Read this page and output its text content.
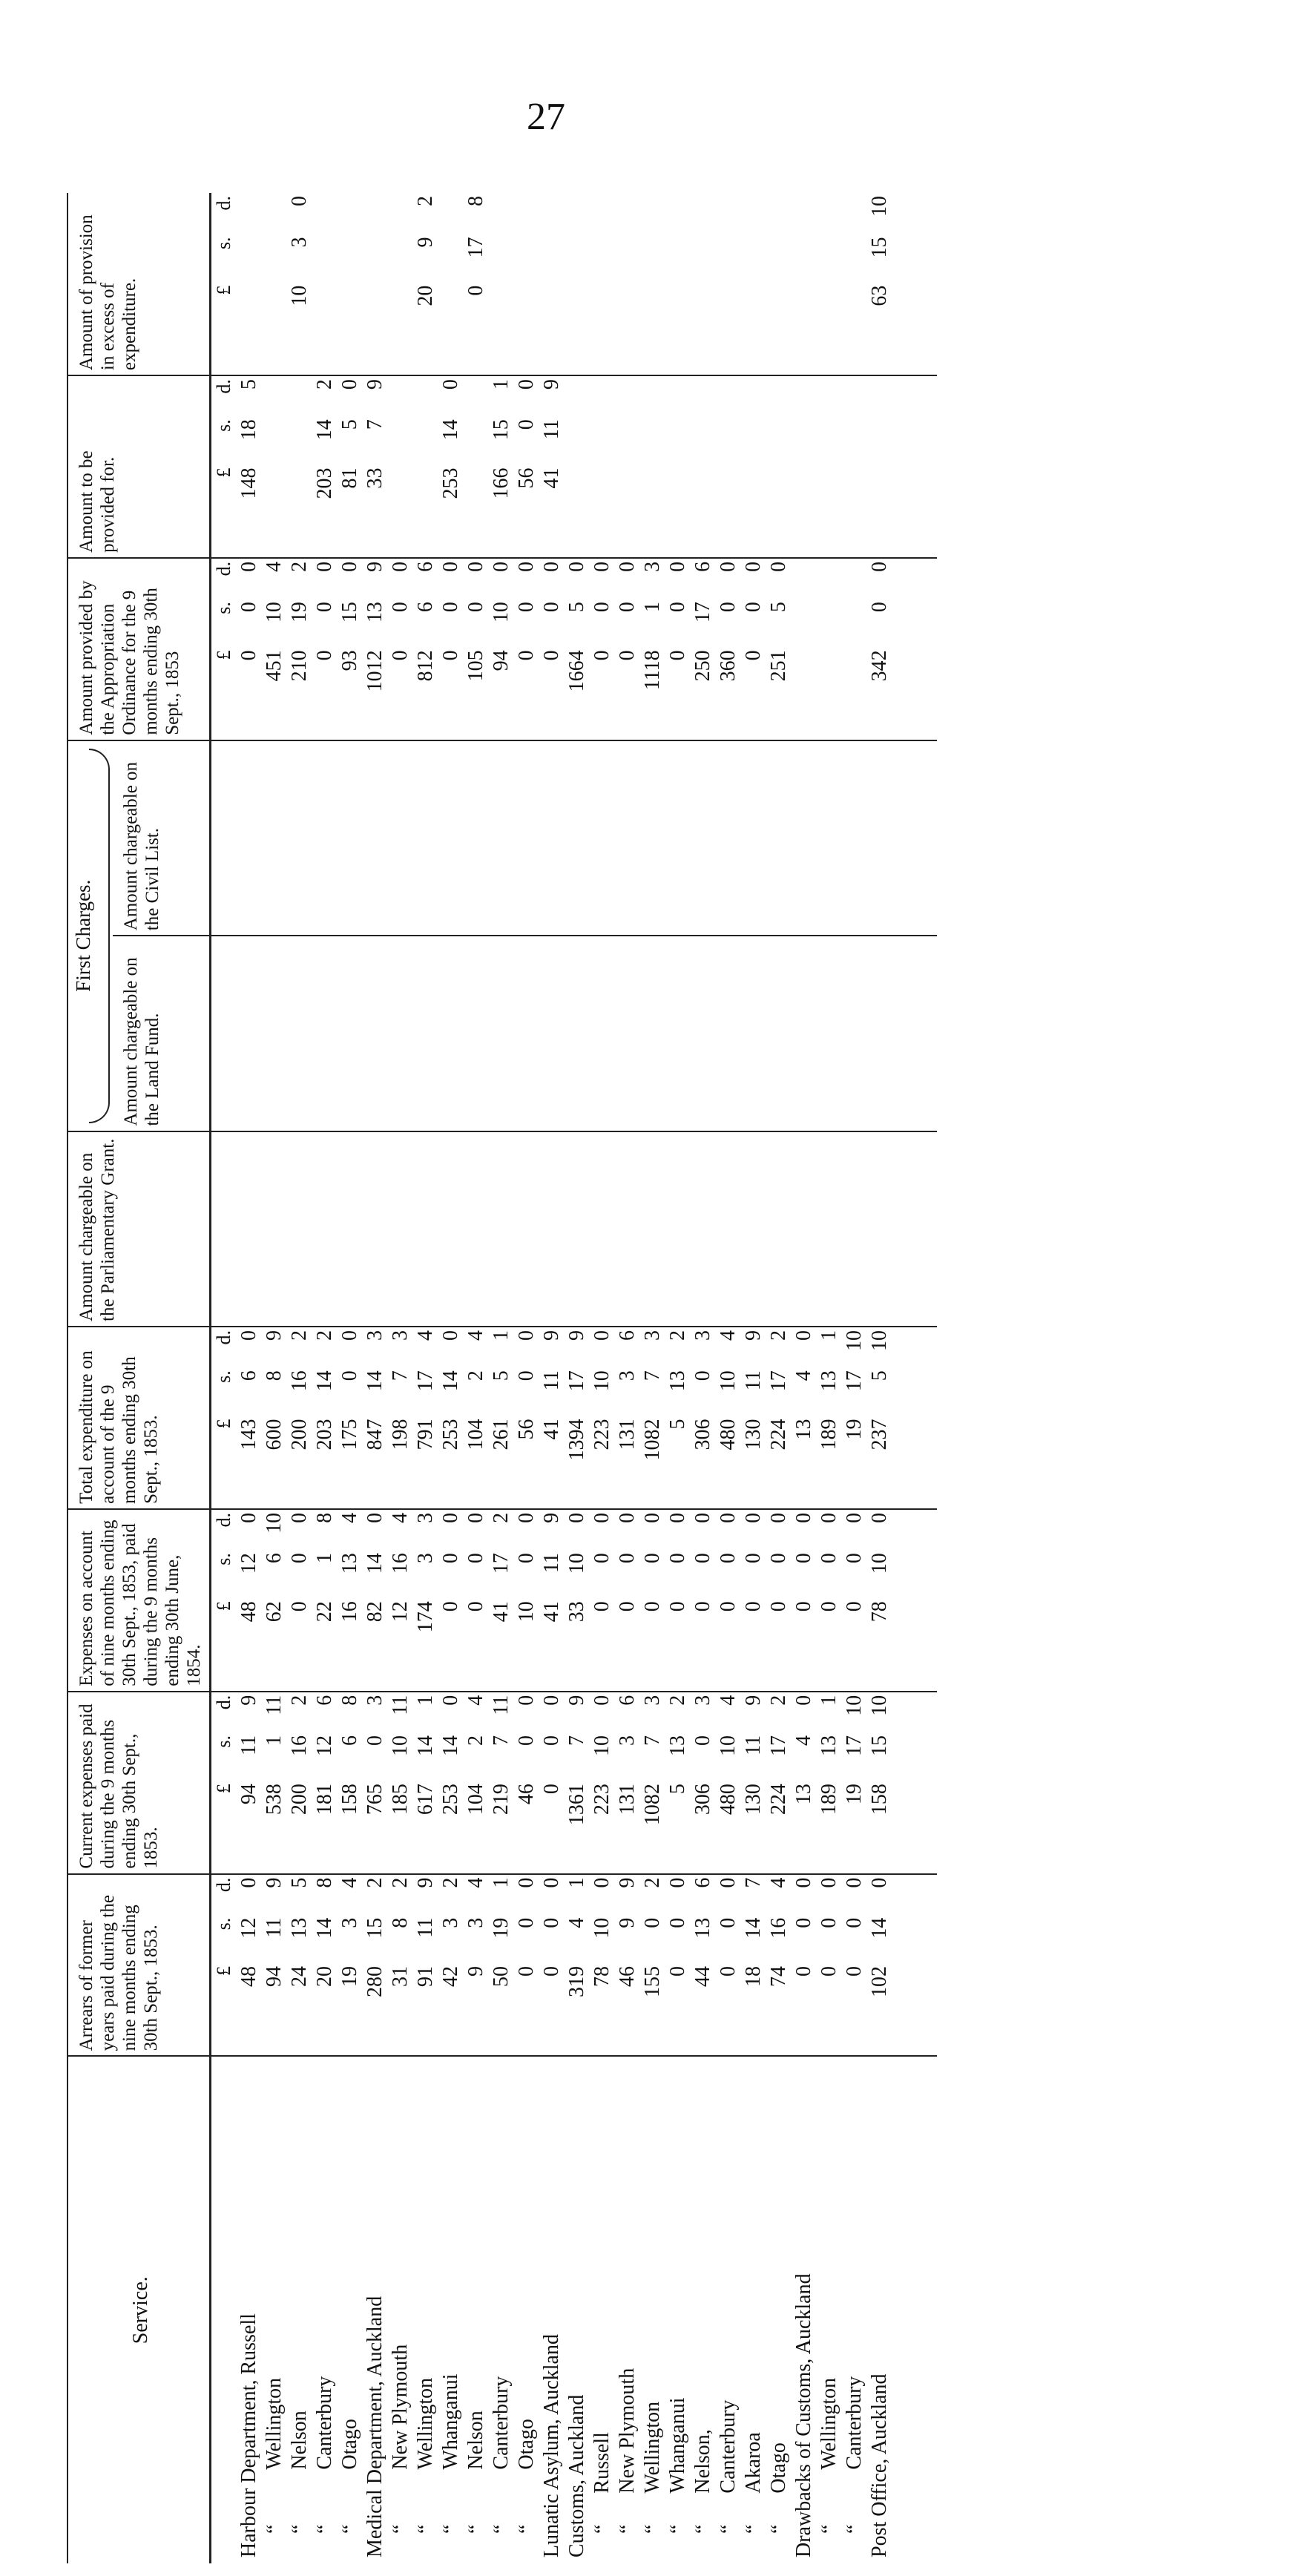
27
Service.		Arrears of former years paid during the nine months ending 30th Sept., 1853.			Current expenses paid during the 9 months ending 30th Sept., 1853.			Expenses on account of nine months ending 30th Sept., 1853, paid during the 9 months ending 30th June, 1854.			Total expenditure on account of the 9 months ending 30th Sept., 1853.			Amount chargeable on the Parliamentary Grant.	First Charges.		Amount provided by the Appropriation Ordinance for the 9 months ending 30th Sept., 1853			Amount to be provided for.			Amount of provision in excess of expenditure.		
															Amount chargeable on the Land Fund.	Amount chargeable on the Civil List.									
		£	s.	d.	£	s.	d.	£	s.	d.	£	s.	d.				£	s.	d.	£	s.	d.	£	s.	d.
Harbour Department, Russell		48	12	0	94	11	9	48	12	0	143	6	0				0	0	0	148	18	5			
“	Wellington	94	11	9	538	1	11	62	6	10	600	8	9				451	10	4						
“	Nelson	24	13	5	200	16	2	0	0	0	200	16	2				210	19	2				10	3	0
“	Canterbury	20	14	8	181	12	6	22	1	8	203	14	2				0	0	0	203	14	2			
“	Otago	19	3	4	158	6	8	16	13	4	175	0	0				93	15	0	81	5	0			
Medical Department, Auckland		280	15	2	765	0	3	82	14	0	847	14	3				1012	13	9	33	7	9			
“	New Plymouth	31	8	2	185	10	11	12	16	4	198	7	3				0	0	0						
“	Wellington	91	11	9	617	14	1	174	3	3	791	17	4				812	6	6				20	9	2
“	Whanganui	42	3	2	253	14	0	0	0	0	253	14	0				0	0	0	253	14	0			
“	Nelson	9	3	4	104	2	4	0	0	0	104	2	4				105	0	0				0	17	8
“	Canterbury	50	19	1	219	7	11	41	17	2	261	5	1				94	10	0	166	15	1			
“	Otago	0	0	0	46	0	0	10	0	0	56	0	0				0	0	0	56	0	0			
Lunatic Asylum, Auckland		0	0	0	0	0	0	41	11	9	41	11	9				0	0	0	41	11	9			
Customs, Auckland		319	4	1	1361	7	9	33	10	0	1394	17	9				1664	5	0						
“	Russell	78	10	0	223	10	0	0	0	0	223	10	0				0	0	0						
“	New Plymouth	46	9	9	131	3	6	0	0	0	131	3	6				0	0	0						
“	Wellington	155	0	2	1082	7	3	0	0	0	1082	7	3				1118	1	3						
“	Whanganui	0	0	0	5	13	2	0	0	0	5	13	2				0	0	0						
“	Nelson,	44	13	6	306	0	3	0	0	0	306	0	3				250	17	6						
“	Canterbury	0	0	0	480	10	4	0	0	0	480	10	4				360	0	0						
“	Akaroa	18	14	7	130	11	9	0	0	0	130	11	9				0	0	0						
“	Otago	74	16	4	224	17	2	0	0	0	224	17	2				251	5	0						
Drawbacks of Customs, Auckland		0	0	0	13	4	0	0	0	0	13	4	0												
“	Wellington	0	0	0	189	13	1	0	0	0	189	13	1												
“	Canterbury	0	0	0	19	17	10	0	0	0	19	17	10												
Post Office, Auckland		102	14	0	158	15	10	78	10	0	237	5	10				342	0	0				63	15	10
